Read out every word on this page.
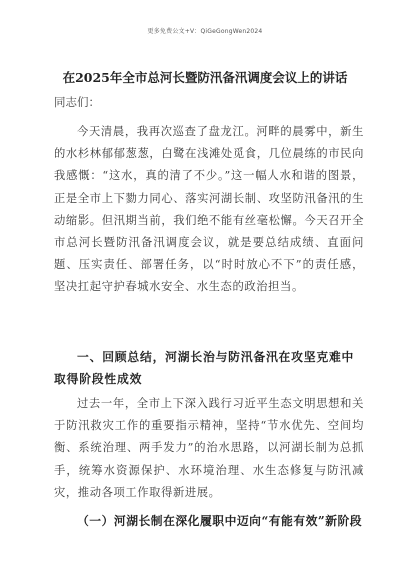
更多免费公文+V：QiGeGongWen2024
在2025年全市总河长暨防汛备汛调度会议上的讲话
同志们：
今天清晨，我再次巡查了盘龙江。河畔的晨雾中，新生的水杉林郁郁葱葱，白鹭在浅滩处觅食，几位晨练的市民向我感慨：“这水，真的清了不少。”这一幅人水和谐的图景，正是全市上下勠力同心、落实河湖长制、攻坚防汛备汛的生动缩影。但汛期当前，我们绝不能有丝毫松懈。今天召开全市总河长暨防汛备汛调度会议，就是要总结成绩、直面问题、压实责任、部署任务，以“时时放心不下”的责任感，坚决扛起守护春城水安全、水生态的政治担当。
一、回顾总结，河湖长治与防汛备汛在攻坚克难中取得阶段性成效
过去一年，全市上下深入践行习近平生态文明思想和关于防汛救灾工作的重要指示精神，坚持“节水优先、空间均衡、系统治理、两手发力”的治水思路，以河湖长制为总抓手，统筹水资源保护、水环境治理、水生态修复与防汛减灾，推动各项工作取得新进展。
（一）河湖长制在深化履职中迈向“有能有效”新阶段
